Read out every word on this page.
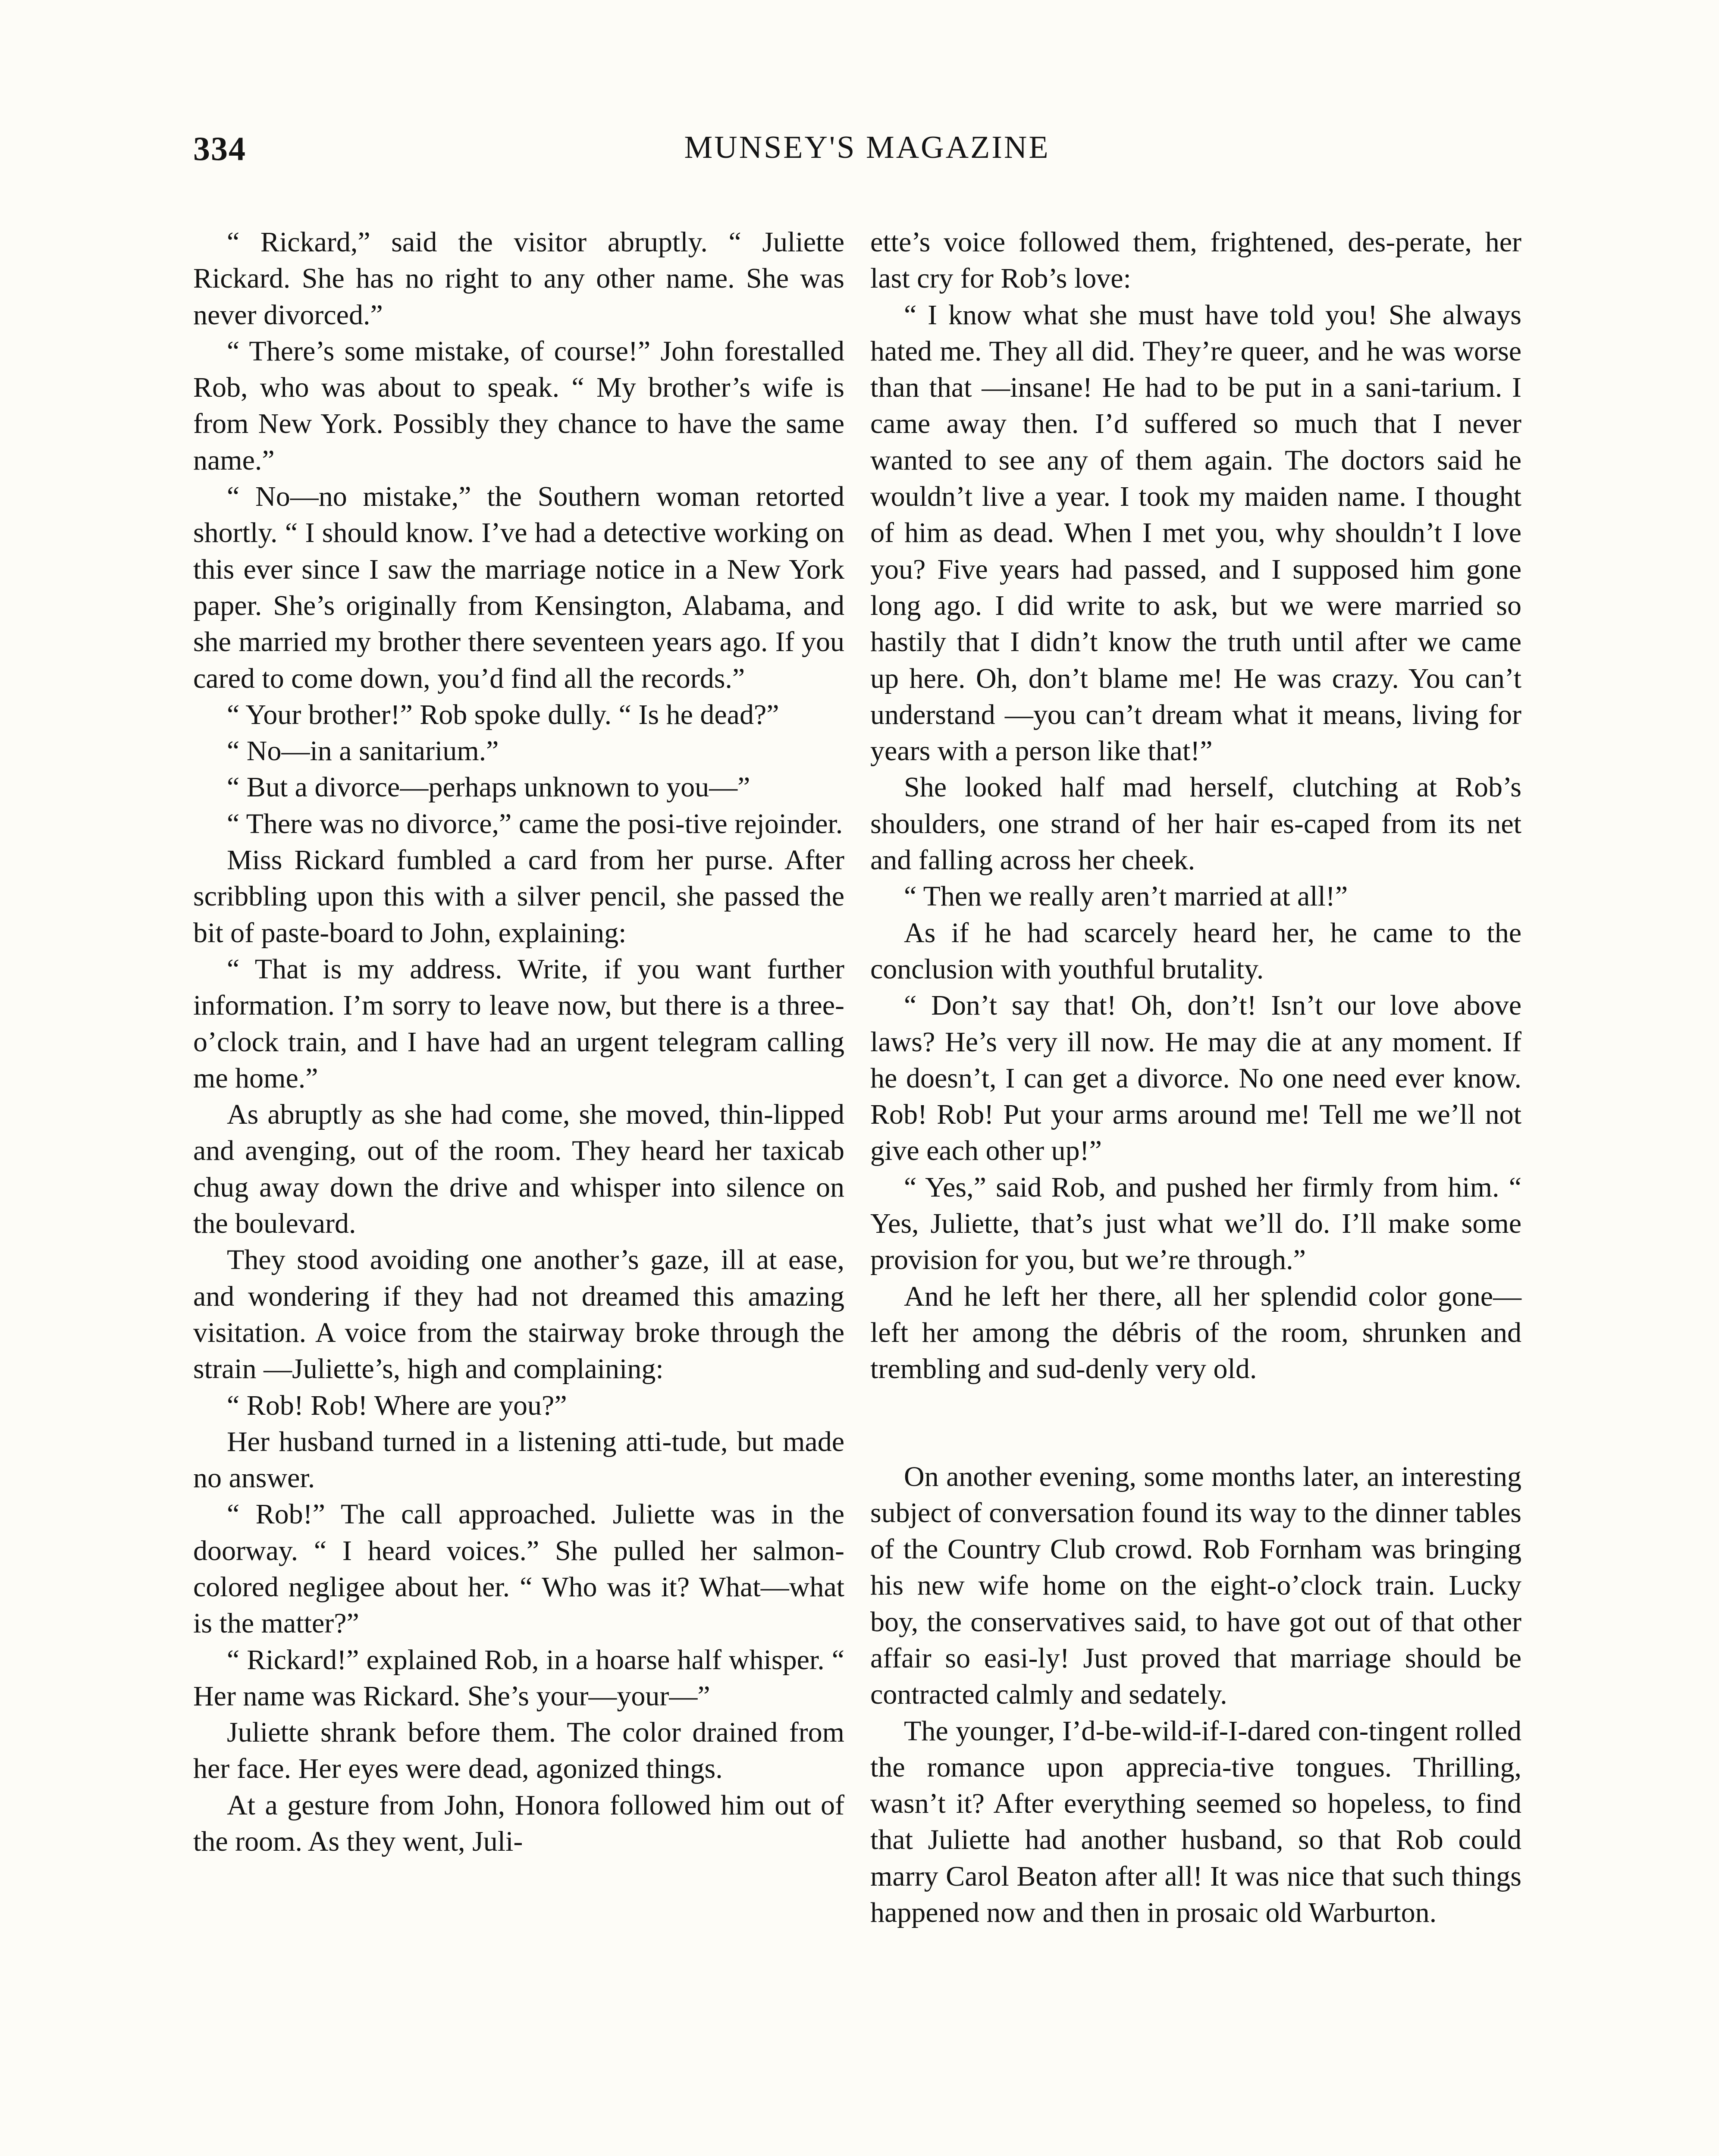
334	MUNSEY'S MAGAZINE

“ Rickard,” said the visitor abruptly. “ Juliette Rickard. She has no right to any other name. She was never divorced.”

“ There’s some mistake, of course!” John forestalled Rob, who was about to speak. “ My brother’s wife is from New York. Possibly they chance to have the same name.”

“ No—no mistake,” the Southern woman retorted shortly. “ I should know. I’ve had a detective working on this ever since I saw the marriage notice in a New York paper. She’s originally from Kensington, Alabama, and she married my brother there seventeen years ago. If you cared to come down, you’d find all the records.”

“ Your brother!” Rob spoke dully. “ Is he dead?”

“ No—in a sanitarium.”

“ But a divorce—perhaps unknown to you—”

“ There was no divorce,” came the posi-tive rejoinder.

Miss Rickard fumbled a card from her purse. After scribbling upon this with a silver pencil, she passed the bit of paste-board to John, explaining:

“ That is my address. Write, if you want further information. I’m sorry to leave now, but there is a three-o’clock train, and I have had an urgent telegram calling me home.”

As abruptly as she had come, she moved, thin-lipped and avenging, out of the room. They heard her taxicab chug away down the drive and whisper into silence on the boulevard.

They stood avoiding one another’s gaze, ill at ease, and wondering if they had not dreamed this amazing visitation. A voice from the stairway broke through the strain —Juliette’s, high and complaining:

“ Rob! Rob! Where are you?”

Her husband turned in a listening atti-tude, but made no answer.

“ Rob!” The call approached. Juliette was in the doorway. “ I heard voices.” She pulled her salmon-colored negligee about her. “ Who was it? What—what is the matter?”

“ Rickard!” explained Rob, in a hoarse half whisper. “ Her name was Rickard. She’s your—your—”

Juliette shrank before them. The color drained from her face. Her eyes were dead, agonized things.

At a gesture from John, Honora followed him out of the room. As they went, Juli-

ette’s voice followed them, frightened, des-perate, her last cry for Rob’s love:

“ I know what she must have told you! She always hated me. They all did. They’re queer, and he was worse than that —insane! He had to be put in a sani-tarium. I came away then. I’d suffered so much that I never wanted to see any of them again. The doctors said he wouldn’t live a year. I took my maiden name. I thought of him as dead. When I met you, why shouldn’t I love you? Five years had passed, and I supposed him gone long ago. I did write to ask, but we were married so hastily that I didn’t know the truth until after we came up here. Oh, don’t blame me! He was crazy. You can’t understand —you can’t dream what it means, living for years with a person like that!”

She looked half mad herself, clutching at Rob’s shoulders, one strand of her hair es-caped from its net and falling across her cheek.

“ Then we really aren’t married at all!”

As if he had scarcely heard her, he came to the conclusion with youthful brutality.

“ Don’t say that! Oh, don’t! Isn’t our love above laws? He’s very ill now. He may die at any moment. If he doesn’t, I can get a divorce. No one need ever know. Rob! Rob! Put your arms around me! Tell me we’ll not give each other up!”

“ Yes,” said Rob, and pushed her firmly from him. “ Yes, Juliette, that’s just what we’ll do. I’ll make some provision for you, but we’re through.”

And he left her there, all her splendid color gone—left her among the débris of the room, shrunken and trembling and sud-denly very old.

On another evening, some months later, an interesting subject of conversation found its way to the dinner tables of the Country Club crowd. Rob Fornham was bringing his new wife home on the eight-o’clock train. Lucky boy, the conservatives said, to have got out of that other affair so easi-ly! Just proved that marriage should be contracted calmly and sedately.

The younger, I’d-be-wild-if-I-dared con-tingent rolled the romance upon apprecia-tive tongues. Thrilling, wasn’t it? After everything seemed so hopeless, to find that Juliette had another husband, so that Rob could marry Carol Beaton after all! It was nice that such things happened now and then in prosaic old Warburton.
